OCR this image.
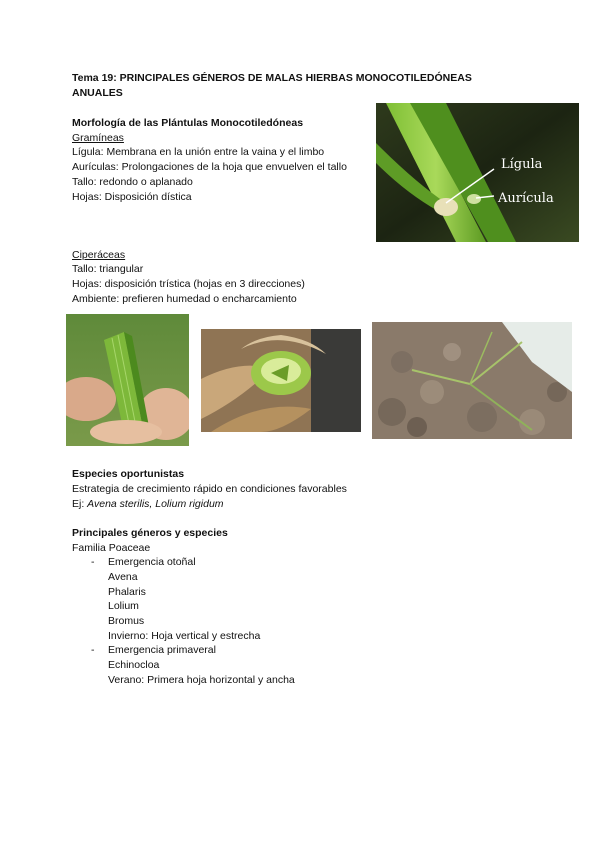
Tema 19: PRINCIPALES GÉNEROS DE MALAS HIERBAS MONOCOTILEDÓNEAS ANUALES
Morfología de las Plántulas Monocotiledóneas
Gramíneas
Lígula: Membrana en la unión entre la vaina y el limbo
Aurículas: Prolongaciones de la hoja que envuelven el tallo
Tallo: redondo o aplanado
Hojas: Disposición dística
Lígula
Aurícula
Ciperáceas
Tallo: triangular
Hojas: disposición trística (hojas en 3 direcciones)
Ambiente: prefieren humedad o encharcamiento
Especies oportunistas
Estrategia de crecimiento rápido en condiciones favorables
Ej: Avena sterilis, Lolium rigidum
Principales géneros y especies
Familia Poaceae
- Emergencia otoñal
Avena
Phalaris
Lolium
Bromus
Invierno: Hoja vertical y estrecha
- Emergencia primaveral
Echinocloa
Verano: Primera hoja horizontal y ancha
